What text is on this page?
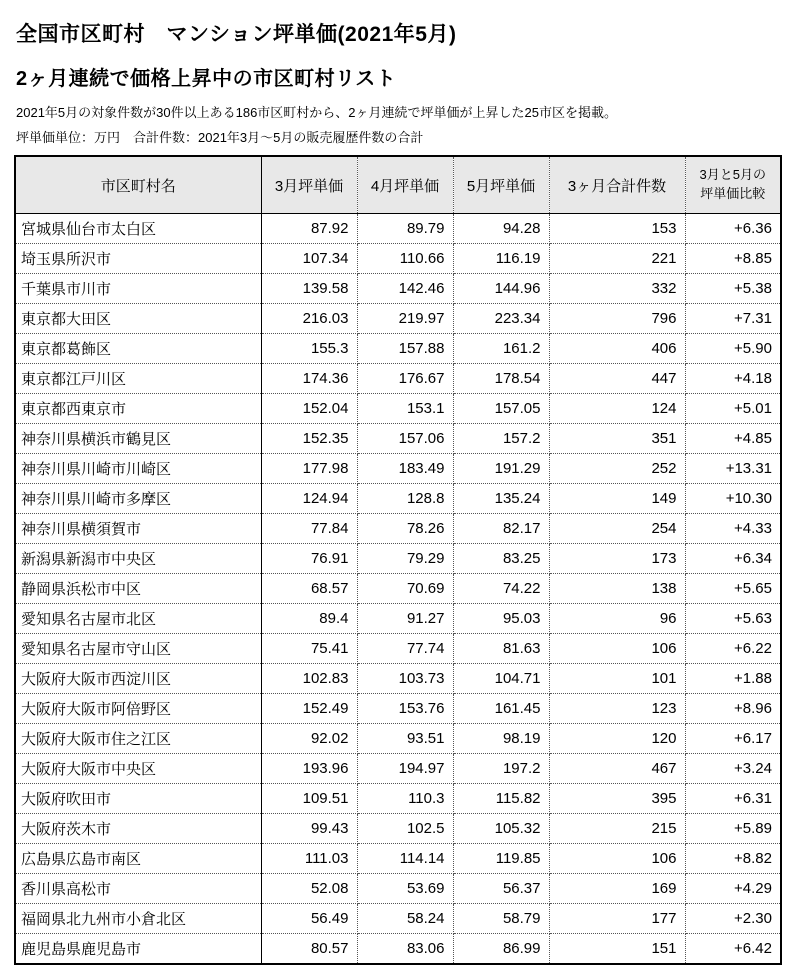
全国市区町村　マンション坪単価(2021年5月)
2ヶ月連続で価格上昇中の市区町村リスト
2021年5月の対象件数が30件以上ある186市区町村から、2ヶ月連続で坪単価が上昇した25市区を掲載。
坪単価単位：万円　合計件数：2021年3月〜5月の販売履歴件数の合計
市区町村名	3月坪単価	4月坪単価	5月坪単価	3ヶ月合計件数	3月と5月の
坪単価比較
宮城県仙台市太白区	87.92	89.79	94.28	153	+6.36
埼玉県所沢市	107.34	110.66	116.19	221	+8.85
千葉県市川市	139.58	142.46	144.96	332	+5.38
東京都大田区	216.03	219.97	223.34	796	+7.31
東京都葛飾区	155.3	157.88	161.2	406	+5.90
東京都江戸川区	174.36	176.67	178.54	447	+4.18
東京都西東京市	152.04	153.1	157.05	124	+5.01
神奈川県横浜市鶴見区	152.35	157.06	157.2	351	+4.85
神奈川県川崎市川崎区	177.98	183.49	191.29	252	+13.31
神奈川県川崎市多摩区	124.94	128.8	135.24	149	+10.30
神奈川県横須賀市	77.84	78.26	82.17	254	+4.33
新潟県新潟市中央区	76.91	79.29	83.25	173	+6.34
静岡県浜松市中区	68.57	70.69	74.22	138	+5.65
愛知県名古屋市北区	89.4	91.27	95.03	96	+5.63
愛知県名古屋市守山区	75.41	77.74	81.63	106	+6.22
大阪府大阪市西淀川区	102.83	103.73	104.71	101	+1.88
大阪府大阪市阿倍野区	152.49	153.76	161.45	123	+8.96
大阪府大阪市住之江区	92.02	93.51	98.19	120	+6.17
大阪府大阪市中央区	193.96	194.97	197.2	467	+3.24
大阪府吹田市	109.51	110.3	115.82	395	+6.31
大阪府茨木市	99.43	102.5	105.32	215	+5.89
広島県広島市南区	111.03	114.14	119.85	106	+8.82
香川県高松市	52.08	53.69	56.37	169	+4.29
福岡県北九州市小倉北区	56.49	58.24	58.79	177	+2.30
鹿児島県鹿児島市	80.57	83.06	86.99	151	+6.42
